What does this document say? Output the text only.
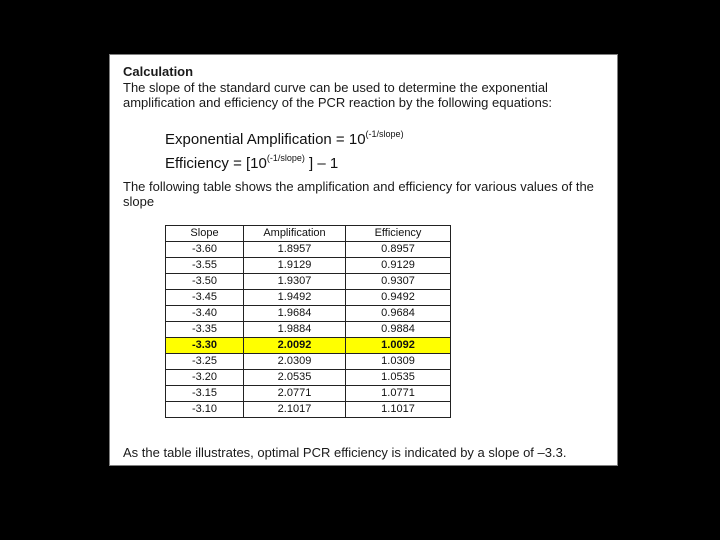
Calculation
The slope of the standard curve can be used to determine the exponential amplification and efficiency of the PCR reaction by the following equations:
Exponential Amplification = $10^{(-1/slope)}$
Efficiency = [$10^{(-1/slope)}$ ] – 1
The following table shows the amplification and efficiency for various values of the slope
Slope	Amplification	Efficiency
-3.60	1.8957	0.8957
-3.55	1.9129	0.9129
-3.50	1.9307	0.9307
-3.45	1.9492	0.9492
-3.40	1.9684	0.9684
-3.35	1.9884	0.9884
-3.30	2.0092	1.0092
-3.25	2.0309	1.0309
-3.20	2.0535	1.0535
-3.15	2.0771	1.0771
-3.10	2.1017	1.1017
As the table illustrates, optimal PCR efficiency is indicated by a slope of –3.3.
